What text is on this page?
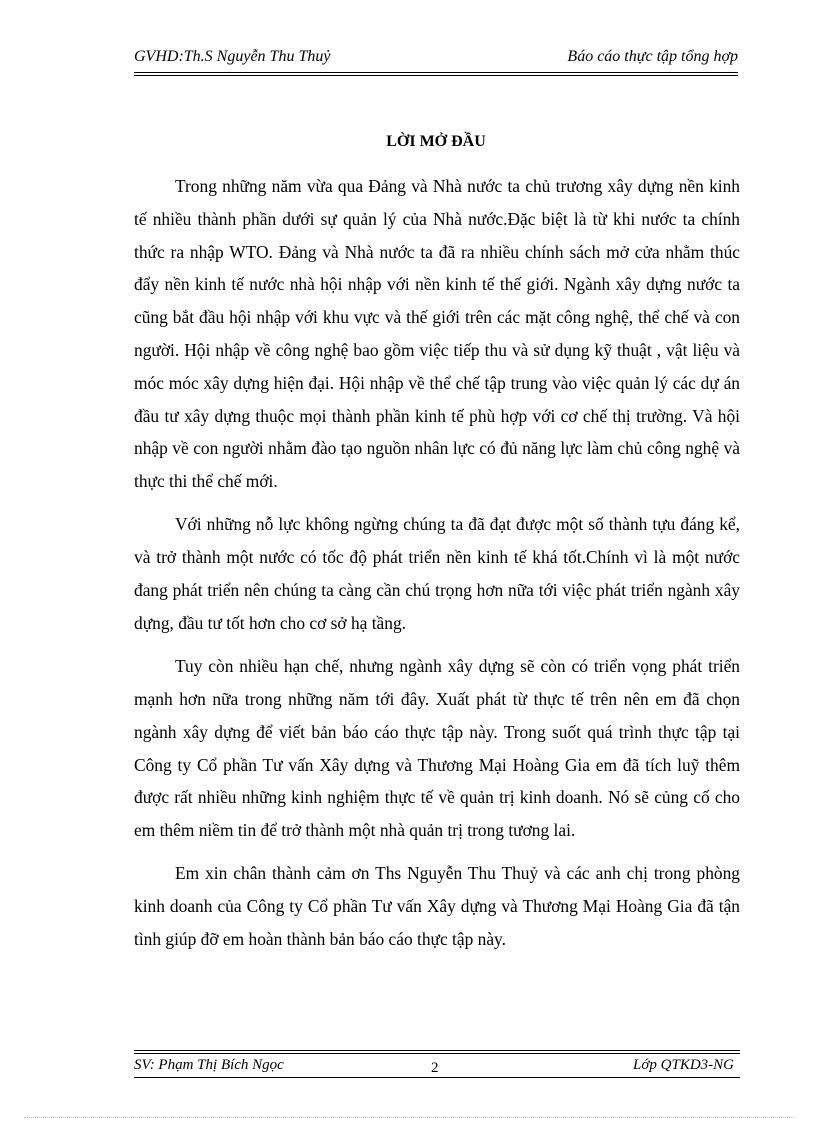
GVHD:Th.S Nguyễn Thu Thuỷ	Báo cáo thực tập tổng hợp
LỜI MỞ ĐẦU

Trong những năm vừa qua Đảng và Nhà nước ta chủ trương xây dựng nền kinh tế nhiều thành phần dưới sự quản lý của Nhà nước.Đặc biệt là từ khi nước ta chính thức ra nhập WTO. Đảng và Nhà nước ta đã ra nhiều chính sách mở cửa nhằm thúc đẩy nền kinh tế nước nhà hội nhập với nền kinh tế thế giới. Ngành xây dựng nước ta cũng bắt đầu hội nhập với khu vực và thế giới trên các mặt công nghệ, thể chế và con người. Hội nhập về công nghệ bao gồm việc tiếp thu và sử dụng kỹ thuật , vật liệu và móc móc xây dựng hiện đại. Hội nhập về thể chế tập trung vào việc quản lý các dự án đầu tư xây dựng thuộc mọi thành phần kinh tế phù hợp với cơ chế thị trường. Và hội nhập về con người nhằm đào tạo nguồn nhân lực có đủ năng lực làm chủ công nghệ và thực thi thể chế mới.

Với những nỗ lực không ngừng chúng ta đã đạt được một số thành tựu đáng kể, và trở thành một nước có tốc độ phát triển nền kinh tế khá tốt.Chính vì là một nước đang phát triển nên chúng ta càng cần chú trọng hơn nữa tới việc phát triển ngành xây dựng, đầu tư tốt hơn cho cơ sở hạ tầng.

Tuy còn nhiều hạn chế, nhưng ngành xây dựng sẽ còn có triển vọng phát triển mạnh hơn nữa trong những năm tới đây. Xuất phát từ thực tế trên nên em đã chọn ngành xây dựng để viết bản báo cáo thực tập này. Trong suốt quá trình thực tập tại Công ty Cổ phần Tư vấn Xây dựng và Thương Mại Hoàng Gia em đã tích luỹ thêm được rất nhiều những kinh nghiệm thực tế về quản trị kinh doanh. Nó sẽ củng cố cho em thêm niềm tin để trở thành một nhà quản trị trong tương lai.

Em xin chân thành cảm ơn Ths Nguyễn Thu Thuỷ và các anh chị trong phòng kinh doanh của Công ty Cổ phần Tư vấn Xây dựng và Thương Mại Hoàng Gia đã tận tình giúp đỡ em hoàn thành bản báo cáo thực tập này.

SV: Phạm Thị Bích Ngọc	2	Lớp QTKD3-NG
